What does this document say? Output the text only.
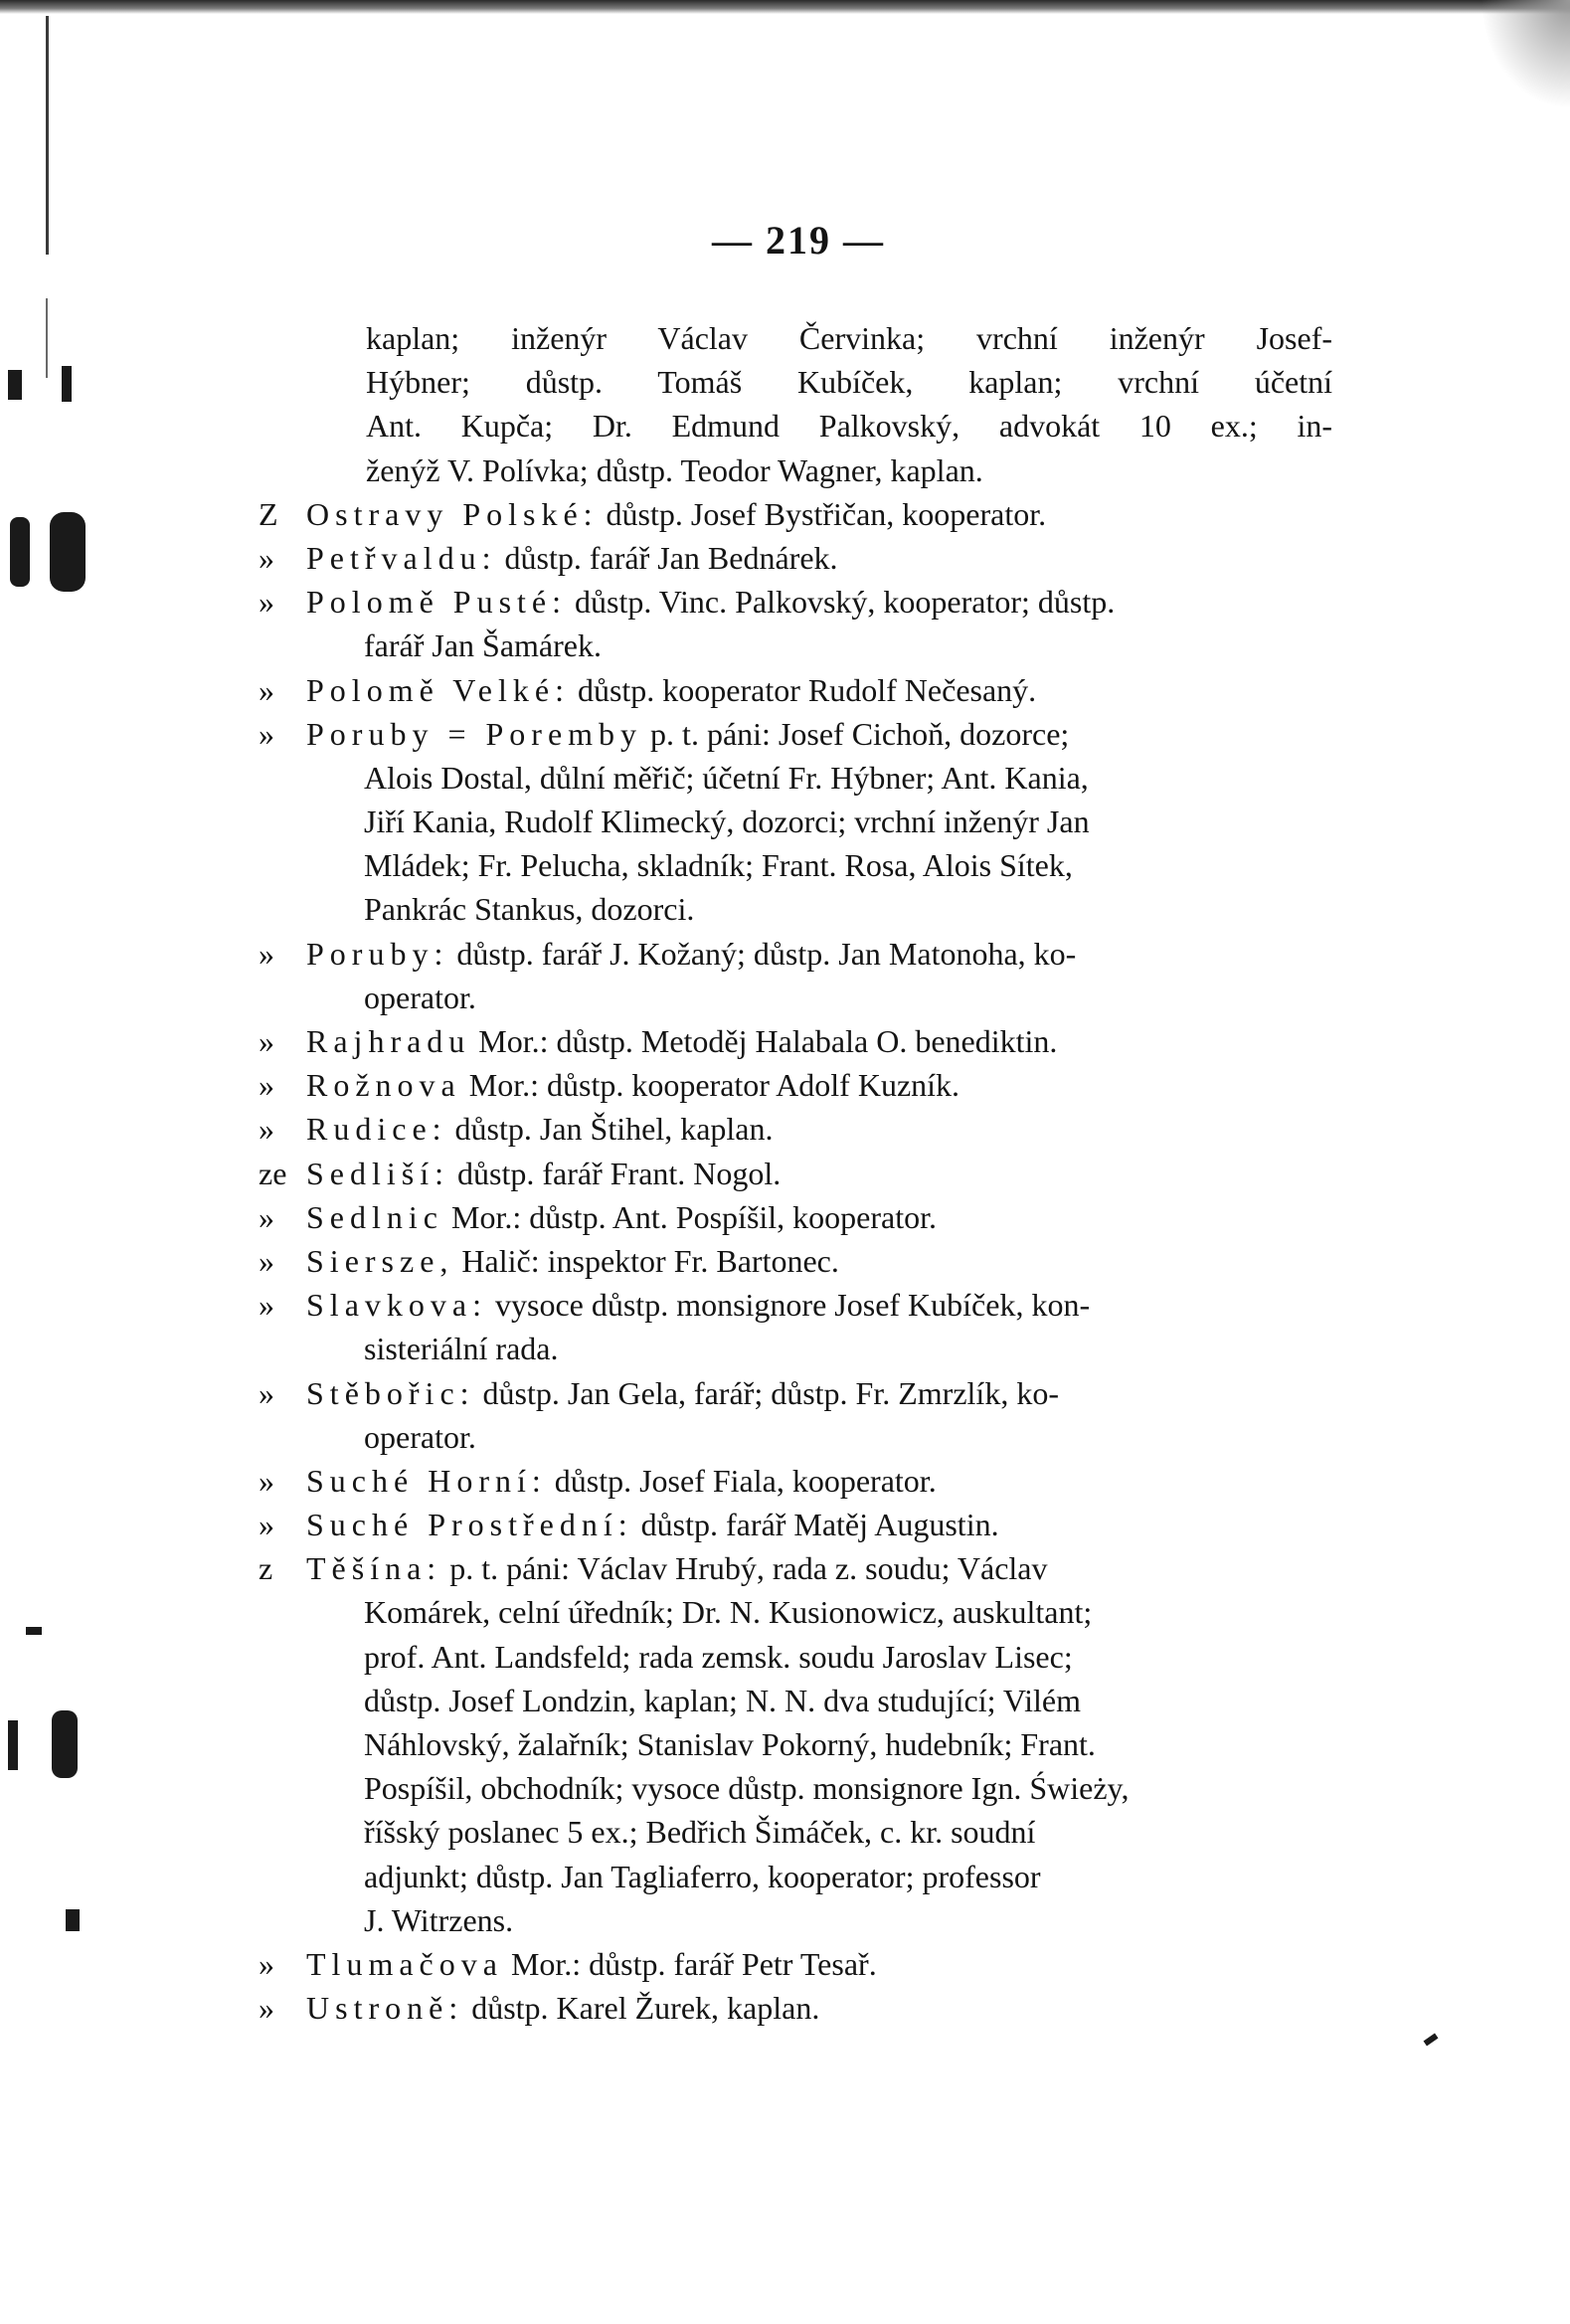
— 219 —
kaplan; inženýr Václav Červinka; vrchní inženýr Josef-
Hýbner; důstp. Tomáš Kubíček, kaplan; vrchní účetní
Ant. Kupča; Dr. Edmund Palkovský, advokát 10 ex.; in-
ženýž V. Polívka; důstp. Teodor Wagner, kaplan.
Z Ostravy Polské: důstp. Josef Bystřičan, kooperator.
» Petřvaldu: důstp. farář Jan Bednárek.
» Polomě Pusté: důstp. Vinc. Palkovský, kooperator; důstp.
farář Jan Šamárek.
» Polomě Velké: důstp. kooperator Rudolf Nečesaný.
» Poruby = Poremby p. t. páni: Josef Cichoň, dozorce;
Alois Dostal, důlní měřič; účetní Fr. Hýbner; Ant. Kania,
Jiří Kania, Rudolf Klimecký, dozorci; vrchní inženýr Jan
Mládek; Fr. Pelucha, skladník; Frant. Rosa, Alois Sítek,
Pankrác Stankus, dozorci.
» Poruby: důstp. farář J. Kožaný; důstp. Jan Matonoha, ko-
operator.
» Rajhradu Mor.: důstp. Metoděj Halabala O. benediktin.
» Rožnova Mor.: důstp. kooperator Adolf Kuzník.
» Rudice: důstp. Jan Štihel, kaplan.
ze Sedliší: důstp. farář Frant. Nogol.
» Sedlnic Mor.: důstp. Ant. Pospíšil, kooperator.
» Siersze, Halič: inspektor Fr. Bartonec.
» Slavkova: vysoce důstp. monsignore Josef Kubíček, kon-
sisteriální rada.
» Stěbořic: důstp. Jan Gela, farář; důstp. Fr. Zmrzlík, ko-
operator.
» Suché Horní: důstp. Josef Fiala, kooperator.
» Suché Prostřední: důstp. farář Matěj Augustin.
z Těšína: p. t. páni: Václav Hrubý, rada z. soudu; Václav
Komárek, celní úředník; Dr. N. Kusionowicz, auskultant;
prof. Ant. Landsfeld; rada zemsk. soudu Jaroslav Lisec;
důstp. Josef Londzin, kaplan; N. N. dva studující; Vilém
Náhlovský, žalařník; Stanislav Pokorný, hudebník; Frant.
Pospíšil, obchodník; vysoce důstp. monsignore Ign. Świeży,
říšský poslanec 5 ex.; Bedřich Šimáček, c. kr. soudní
adjunkt; důstp. Jan Tagliaferro, kooperator; professor
J. Witrzens.
» Tlumačova Mor.: důstp. farář Petr Tesař.
» Ustroně: důstp. Karel Žurek, kaplan.
